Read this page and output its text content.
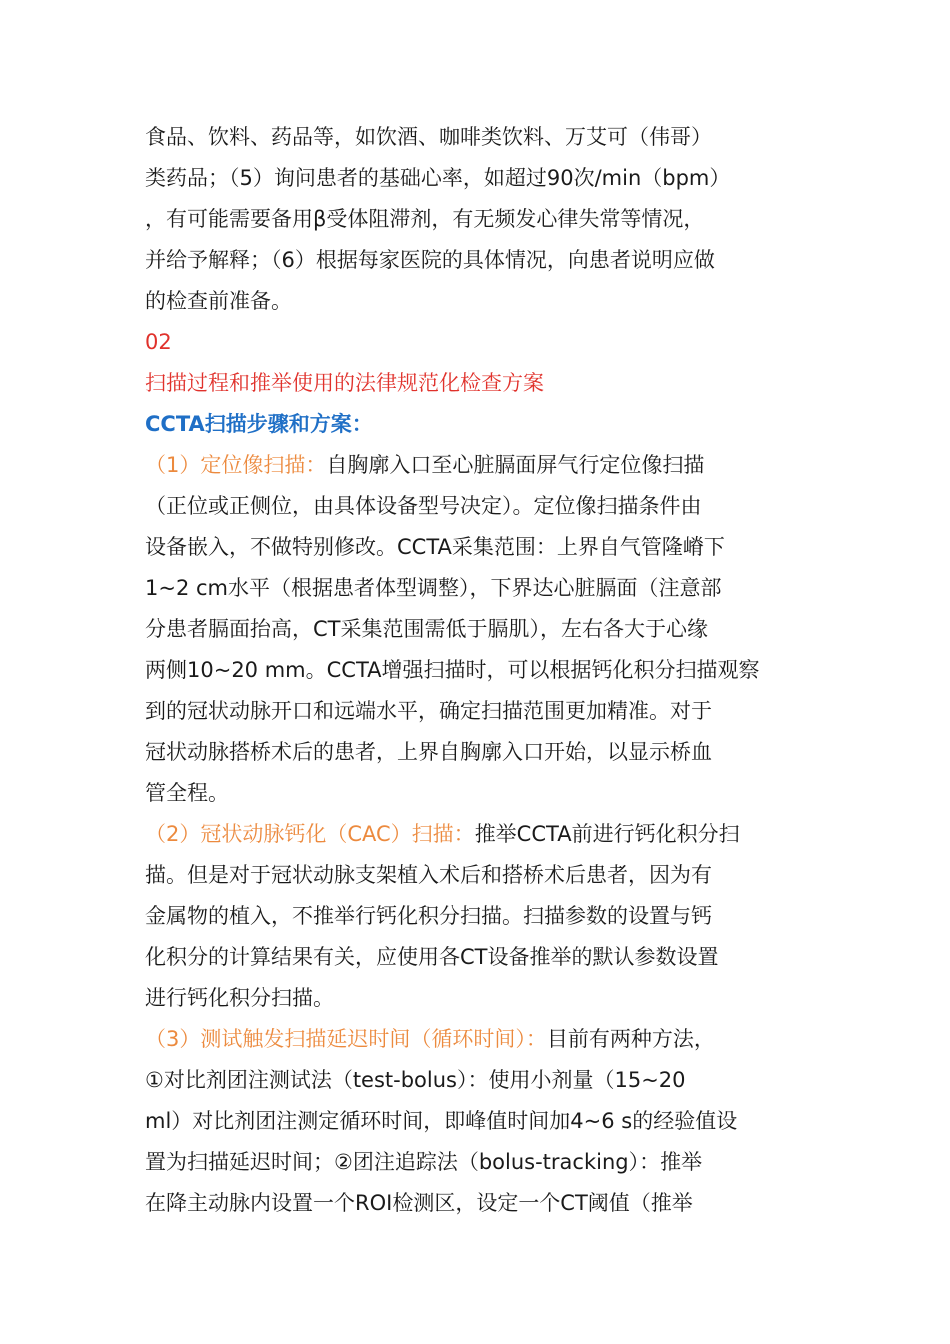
食品、饮料、药品等，如饮酒、咖啡类饮料、万艾可（伟哥）
类药品；（5）询问患者的基础心率，如超过90次/min（bpm）
，有可能需要备用β受体阻滞剂，有无频发心律失常等情况，
并给予解释；（6）根据每家医院的具体情况，向患者说明应做
的检查前准备。
02
扫描过程和推举使用的法律规范化检查方案
CCTA扫描步骤和方案：
（1）定位像扫描：自胸廓入口至心脏膈面屏气行定位像扫描
（正位或正侧位，由具体设备型号决定）。定位像扫描条件由
设备嵌入，不做特别修改。CCTA采集范围：上界自气管隆嵴下
1~2 cm水平（根据患者体型调整），下界达心脏膈面（注意部
分患者膈面抬高，CT采集范围需低于膈肌），左右各大于心缘
两侧10~20 mm。CCTA增强扫描时，可以根据钙化积分扫描观察
到的冠状动脉开口和远端水平，确定扫描范围更加精准。对于
冠状动脉搭桥术后的患者，上界自胸廓入口开始，以显示桥血
管全程。
（2）冠状动脉钙化（CAC）扫描：推举CCTA前进行钙化积分扫
描。但是对于冠状动脉支架植入术后和搭桥术后患者，因为有
金属物的植入，不推举行钙化积分扫描。扫描参数的设置与钙
化积分的计算结果有关，应使用各CT设备推举的默认参数设置
进行钙化积分扫描。
（3）测试触发扫描延迟时间（循环时间）：目前有两种方法，
①对比剂团注测试法（test-bolus）：使用小剂量（15~20
ml）对比剂团注测定循环时间，即峰值时间加4~6 s的经验值设
置为扫描延迟时间；②团注追踪法（bolus-tracking）：推举
在降主动脉内设置一个ROI检测区，设定一个CT阈值（推举
